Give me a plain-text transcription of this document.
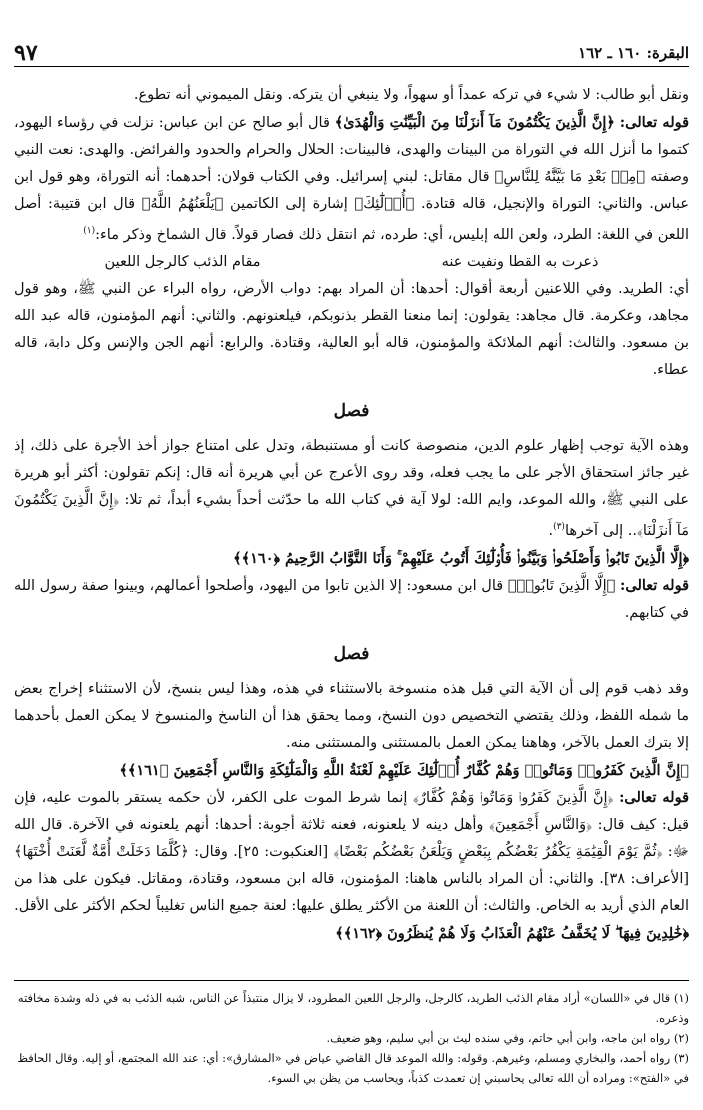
٩٧	البقرة: ١٦٠ ـ ١٦٢

ونقل أبو طالب: لا شيء في تركه عمداً أو سهواً، ولا ينبغي أن يتركه. ونقل الميموني أنه تطوع.

قوله تعالى: ﴿إِنَّ الَّذِينَ يَكْتُمُونَ مَآ أَنزَلْنَا مِنَ الْبَيِّنَٰتِ وَالْهُدَىٰ﴾ قال أبو صالح عن ابن عباس: نزلت في رؤساء اليهود، كتموا ما أنزل الله في التوراة من البينات والهدى، فالبينات: الحلال والحرام والحدود والفرائض. والهدى: نعت النبي وصفته ﴿مِنۢ بَعْدِ مَا بَيَّنَّٰهُ لِلنَّاسِ﴾ قال مقاتل: لبني إسرائيل. وفي الكتاب قولان: أحدهما: أنه التوراة، وهو قول ابن عباس. والثاني: التوراة والإنجيل، قاله قتادة. ﴿أُو۟لَٰٓئِكَ﴾ إشارة إلى الكاتمين ﴿يَلْعَنُهُمُ اللَّهُ﴾ قال ابن قتيبة: أصل اللعن في اللغة: الطرد، ولعن الله إبليس، أي: طرده، ثم انتقل ذلك فصار قولاً. قال الشماخ وذكر ماء:$^{(١)}$

ذعرت به القطا ونفيت عنه
مقام الذئب كالرجل اللعين

أي: الطريد. وفي اللاعنين أربعة أقوال: أحدها: أن المراد بهم: دواب الأرض، رواه البراء عن النبي ﷺ، وهو قول مجاهد، وعكرمة. قال مجاهد: يقولون: إنما منعنا القطر بذنوبكم، فيلعنونهم. والثاني: أنهم المؤمنون، قاله عبد الله بن مسعود. والثالث: أنهم الملائكة والمؤمنون، قاله أبو العالية، وقتادة. والرابع: أنهم الجن والإنس وكل دابة، قاله عطاء.

فصل

وهذه الآية توجب إظهار علوم الدين، منصوصة كانت أو مستنبطة، وتدل على امتناع جواز أخذ الأجرة على ذلك، إذ غير جائز استحقاق الأجر على ما يجب فعله، وقد روى الأعرج عن أبي هريرة أنه قال: إنكم تقولون: أكثر أبو هريرة على النبي ﷺ، والله الموعد، وايم الله: لولا آية في كتاب الله ما حدّثت أحداً بشيء أبداً، ثم تلا: ﴿إِنَّ الَّذِينَ يَكْتُمُونَ مَآ أَنزَلْنَا﴾.. إلى آخرها$^{(٣)}$.

﴿إِلَّا الَّذِينَ تَابُوا۟ وَأَصْلَحُوا۟ وَبَيَّنُوا۟ فَأُو۟لَٰٓئِكَ أَتُوبُ عَلَيْهِمْ ۚ وَأَنَا التَّوَّابُ الرَّحِيمُ ﴿١٦٠﴾﴾

قوله تعالى: ﴿إِلَّا الَّذِينَ تَابُوا۟﴾ قال ابن مسعود: إلا الذين تابوا من اليهود، وأصلحوا أعمالهم، وبينوا صفة رسول الله في كتابهم.

فصل

وقد ذهب قوم إلى أن الآية التي قبل هذه منسوخة بالاستثناء في هذه، وهذا ليس بنسخ، لأن الاستثناء إخراج بعض ما شمله اللفظ، وذلك يقتضي التخصيص دون النسخ، ومما يحقق هذا أن الناسخ والمنسوخ لا يمكن العمل بأحدهما إلا بترك العمل بالآخر، وهاهنا يمكن العمل بالمستثنى والمستثنى منه.

﴿إِنَّ الَّذِينَ كَفَرُوا۟ وَمَاتُوا۟ وَهُمْ كُفَّارٌ أُو۟لَٰٓئِكَ عَلَيْهِمْ لَعْنَةُ اللَّهِ وَالْمَلَٰٓئِكَةِ وَالنَّاسِ أَجْمَعِينَ ﴿١٦١﴾﴾

قوله تعالى: ﴿إِنَّ الَّذِينَ كَفَرُوا۟ وَمَاتُوا۟ وَهُمْ كُفَّارٌ﴾ إنما شرط الموت على الكفر، لأن حكمه يستقر بالموت عليه، فإن قيل: كيف قال: ﴿وَالنَّاسِ أَجْمَعِينَ﴾ وأهل دينه لا يلعنونه، فعنه ثلاثة أجوبة: أحدها: أنهم يلعنونه في الآخرة. قال الله ﷻ: ﴿ثُمَّ يَوْمَ الْقِيَٰمَةِ يَكْفُرُ بَعْضُكُم بِبَعْضٍ وَيَلْعَنُ بَعْضُكُم بَعْضًا﴾ [العنكبوت: ٢٥]. وقال: ﴿كُلَّمَا دَخَلَتْ أُمَّةٌ لَّعَنَتْ أُخْتَهَا﴾ [الأعراف: ٣٨]. والثاني: أن المراد بالناس هاهنا: المؤمنون، قاله ابن مسعود، وقتادة، ومقاتل. فيكون على هذا من العام الذي أريد به الخاص. والثالث: أن اللعنة من الأكثر يطلق عليها: لعنة جميع الناس تغليباً لحكم الأكثر على الأقل.

﴿خَٰلِدِينَ فِيهَا ۖ لَا يُخَفَّفُ عَنْهُمُ الْعَذَابُ وَلَا هُمْ يُنظَرُونَ ﴿١٦٢﴾﴾

(١) قال في «اللسان» أراد مقام الذئب الطريد، كالرجل، والرجل اللعين المطرود، لا يزال منتبذاً عن الناس، شبه الذئب به في ذله وشدة مخافته وذعره.
(٢) رواه ابن ماجه، وابن أبي حاتم، وفي سنده ليث بن أبي سليم، وهو ضعيف.
(٣) رواه أحمد، والبخاري ومسلم، وغيرهم. وقوله: والله الموعد قال القاضي عياض في «المشارق»: أي: عند الله المجتمع، أو إليه. وقال الحافظ في «الفتح»: ومراده أن الله تعالى يحاسبني إن تعمدت كذباً، ويحاسب من يظن بي السوء.
